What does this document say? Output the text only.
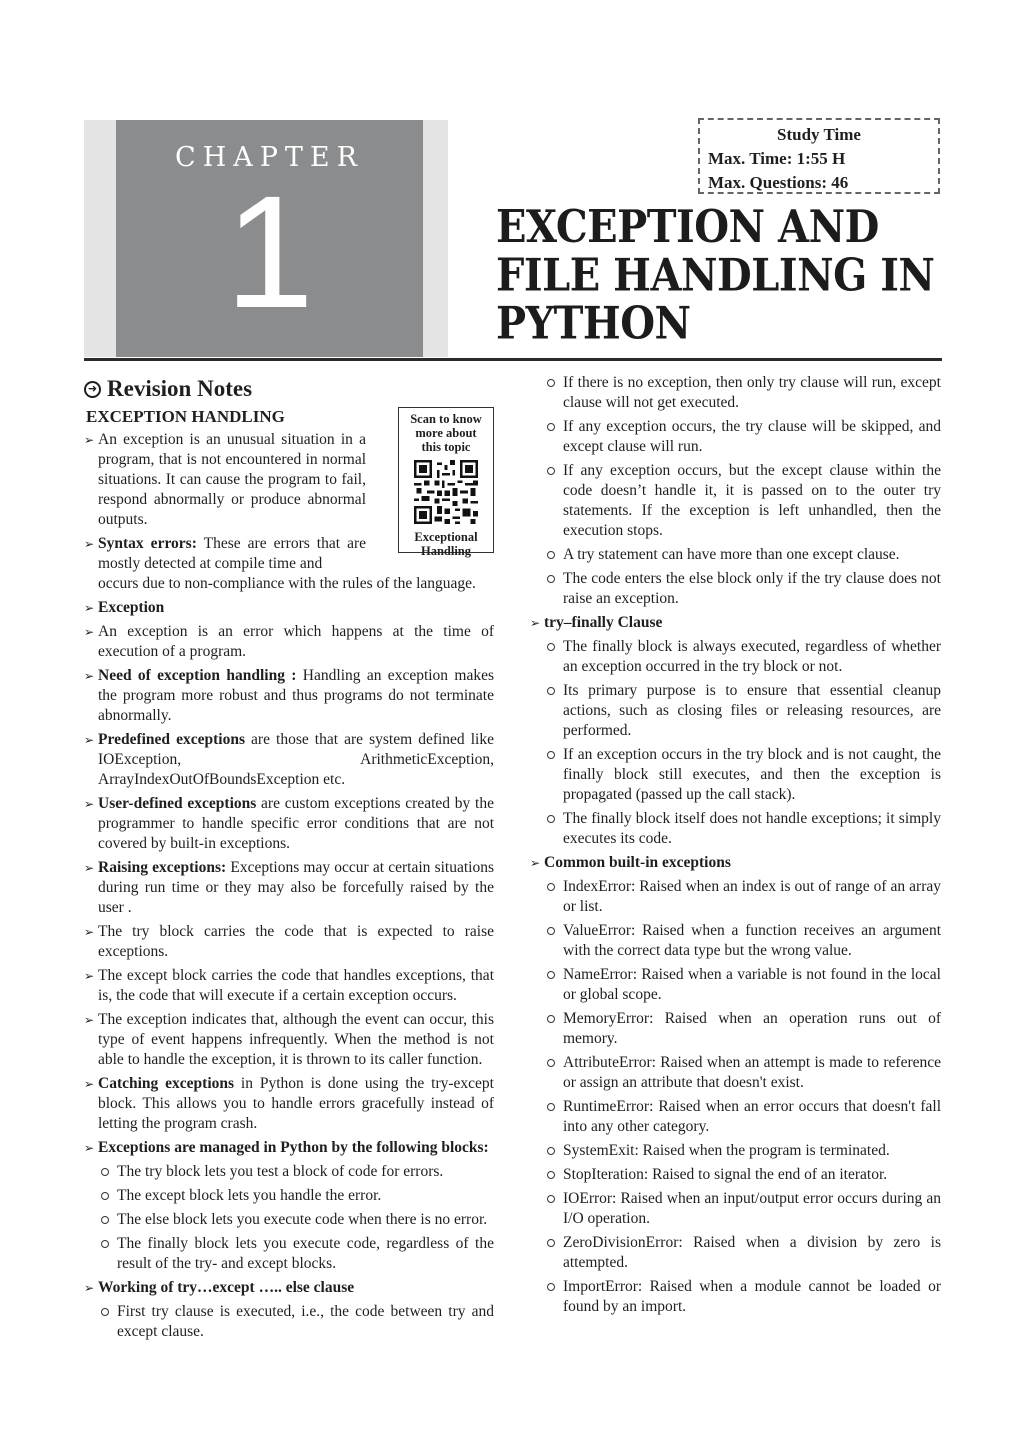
CHAPTER
1
Study Time
Max. Time: 1:55 H
Max. Questions: 46
EXCEPTION AND
FILE HANDLING IN
PYTHON
➜ Revision Notes
Scan to know
more about
this topic
Exceptional
Handling
EXCEPTION HANDLING
➢ An exception is an unusual situation in a program, that is not encountered in normal situations. It can cause the program to fail, respond abnormally or produce abnormal outputs.
➢ Syntax errors: These are errors that are mostly detected at compile time and
occurs due to non-compliance with the rules of the language.
➢ Exception
➢ An exception is an error which happens at the time of execution of a program.
➢ Need of exception handling : Handling an exception makes the program more robust and thus programs do not terminate abnormally.
➢ Predefined exceptions are those that are system defined like IOException, ArithmeticException, ArrayIndexOutOfBoundsException etc.
➢ User-defined exceptions are custom exceptions created by the programmer to handle specific error conditions that are not covered by built-in exceptions.
➢ Raising exceptions: Exceptions may occur at certain situations during run time or they may also be forcefully raised by the user .
➢ The try block carries the code that is expected to raise exceptions.
➢ The except block carries the code that handles exceptions, that is, the code that will execute if a certain exception occurs.
➢ The exception indicates that, although the event can occur, this type of event happens infrequently. When the method is not able to handle the exception, it is thrown to its caller function.
➢ Catching exceptions in Python is done using the try-except block. This allows you to handle errors gracefully instead of letting the program crash.
➢ Exceptions are managed in Python by the following blocks:
The try block lets you test a block of code for errors.
The except block lets you handle the error.
The else block lets you execute code when there is no error.
The finally block lets you execute code, regardless of the result of the try- and except blocks.
➢ Working of try…except ….. else clause
First try clause is executed, i.e., the code between try and except clause.
If there is no exception, then only try clause will run, except clause will not get executed.
If any exception occurs, the try clause will be skipped, and except clause will run.
If any exception occurs, but the except clause within the code doesn’t handle it, it is passed on to the outer try statements. If the exception is left unhandled, then the execution stops.
A try statement can have more than one except clause.
The code enters the else block only if the try clause does not raise an exception.
➢ try–finally Clause
The finally block is always executed, regardless of whether an exception occurred in the try block or not.
Its primary purpose is to ensure that essential cleanup actions, such as closing files or releasing resources, are performed.
If an exception occurs in the try block and is not caught, the finally block still executes, and then the exception is propagated (passed up the call stack).
The finally block itself does not handle exceptions; it simply executes its code.
➢ Common built-in exceptions
IndexError: Raised when an index is out of range of an array or list.
ValueError: Raised when a function receives an argument with the correct data type but the wrong value.
NameError: Raised when a variable is not found in the local or global scope.
MemoryError: Raised when an operation runs out of memory.
AttributeError: Raised when an attempt is made to reference or assign an attribute that doesn't exist.
RuntimeError: Raised when an error occurs that doesn't fall into any other category.
SystemExit: Raised when the program is terminated.
StopIteration: Raised to signal the end of an iterator.
IOError: Raised when an input/output error occurs during an I/O operation.
ZeroDivisionError: Raised when a division by zero is attempted.
ImportError: Raised when a module cannot be loaded or found by an import.
